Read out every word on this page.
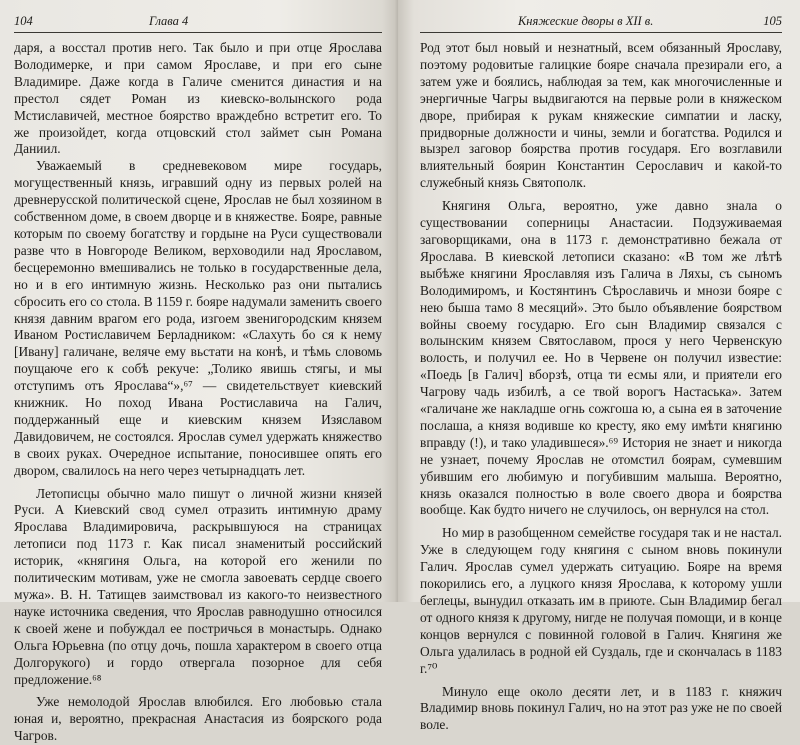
104	Глава 4

даря, а восстал против него. Так было и при отце Ярослава Володимерке, и при самом Ярославе, и при его сыне Владимире. Даже когда в Галиче сменится династия и на престол сядет Роман из киевско-волынского рода Мстиславичей, местное боярство враждебно встретит его. То же произойдет, когда отцовский стол займет сын Романа Даниил.

Уважаемый в средневековом мире государь, могущественный князь, игравший одну из первых ролей на древнерусской политической сцене, Ярослав не был хозяином в собственном доме, в своем дворце и в княжестве. Бояре, равные которым по своему богатству и гордыне на Руси существовали разве что в Новгороде Великом, верховодили над Ярославом, бесцеремонно вмешивались не только в государственные дела, но и в его интимную жизнь. Несколько раз они пытались сбросить его со стола. В 1159 г. бояре надумали заменить своего князя давним врагом его рода, изгоем звенигородским князем Иваном Ростиславичем Берладником: «Слахуть бо ся к нему [Ивану] галичане, веляче ему вьстати на конѣ, и тѣмь словомь поущаюче его к собѣ рекуче: „Толико явишь стягы, и мы отступимъ отъ Ярослава“»,⁶⁷ — свидетельствует киевский книжник. Но поход Ивана Ростиславича на Галич, поддержанный еще и киевским князем Изяславом Давидовичем, не состоялся. Ярослав сумел удержать княжество в своих руках. Очередное испытание, поносившее опять его двором, свалилось на него через четырнадцать лет.

Летописцы обычно мало пишут о личной жизни князей Руси. А Киевский свод сумел отразить интимную драму Ярослава Владимировича, раскрывшуюся на страницах летописи под 1173 г. Как писал знаменитый российский историк, «княгиня Ольга, на которой его женили по политическим мотивам, уже не смогла завоевать сердце своего мужа». В. Н. Татищев заимствовал из какого-то неизвестного науке источника сведения, что Ярослав равнодушно относился к своей жене и побуждал ее постричься в монастырь. Однако Ольга Юрьевна (по отцу дочь, пошла характером в своего отца Долгорукого) и гордо отвергала позорное для себя предложение.⁶⁸

Уже немолодой Ярослав влюбился. Его любовью стала юная и, вероятно, прекрасная Анастасия из боярского рода Чагров.

Княжеские дворы в XII в.	105

Род этот был новый и незнатный, всем обязанный Ярославу, поэтому родовитые галицкие бояре сначала презирали его, а затем уже и боялись, наблюдая за тем, как многочисленные и энергичные Чагры выдвигаются на первые роли в княжеском дворе, прибирая к рукам княжеские симпатии и ласку, придворные должности и чины, земли и богатства. Родился и вызрел заговор боярства против государя. Его возглавили влиятельный боярин Константин Серославич и какой-то служебный князь Святополк.

Княгиня Ольга, вероятно, уже давно знала о существовании соперницы Анастасии. Подзуживаемая заговорщиками, она в 1173 г. демонстративно бежала от Ярослава. В киевской летописи сказано: «В том же лѣтѣ выбѣже княгини Ярославляя изъ Галича в Ляхы, съ сыномъ Володимиромъ, и Костянтинъ Сѣрославичь и мнози бояре с нею быша тамо 8 месяций». Это было объявление боярством войны своему государю. Его сын Владимир связался с волынским князем Святославом, прося у него Червенскую волость, и получил ее. Но в Червене он получил известие: «Поедь [в Галич] вборзѣ, отца ти есмы яли, и приятели его Чагрову чадь избилѣ, а се твой ворогъ Настаська». Затем «галичане же накладше огнь сожгоша ю, а сына ея в заточение послаша, а князя водивше ко кресту, яко ему имѣти княгиню вправду (!), и тако уладившеся».⁶⁹ История не знает и никогда не узнает, почему Ярослав не отомстил боярам, сумевшим убившим его любимую и погубившим малыша. Вероятно, князь оказался полностью в воле своего двора и боярства вообще. Как будто ничего не случилось, он вернулся на стол.

Но мир в разобщенном семействе государя так и не настал. Уже в следующем году княгиня с сыном вновь покинули Галич. Ярослав сумел удержать ситуацию. Бояре на время покорились его, а луцкого князя Ярослава, к которому ушли беглецы, вынудил отказать им в приюте. Сын Владимир бегал от одного князя к другому, нигде не получая помощи, и в конце концов вернулся с повинной головой в Галич. Княгиня же Ольга удалилась в родной ей Суздаль, где и скончалась в 1183 г.⁷⁰

Минуло еще около десяти лет, и в 1183 г. княжич Владимир вновь покинул Галич, но на этот раз уже не по своей воле.
